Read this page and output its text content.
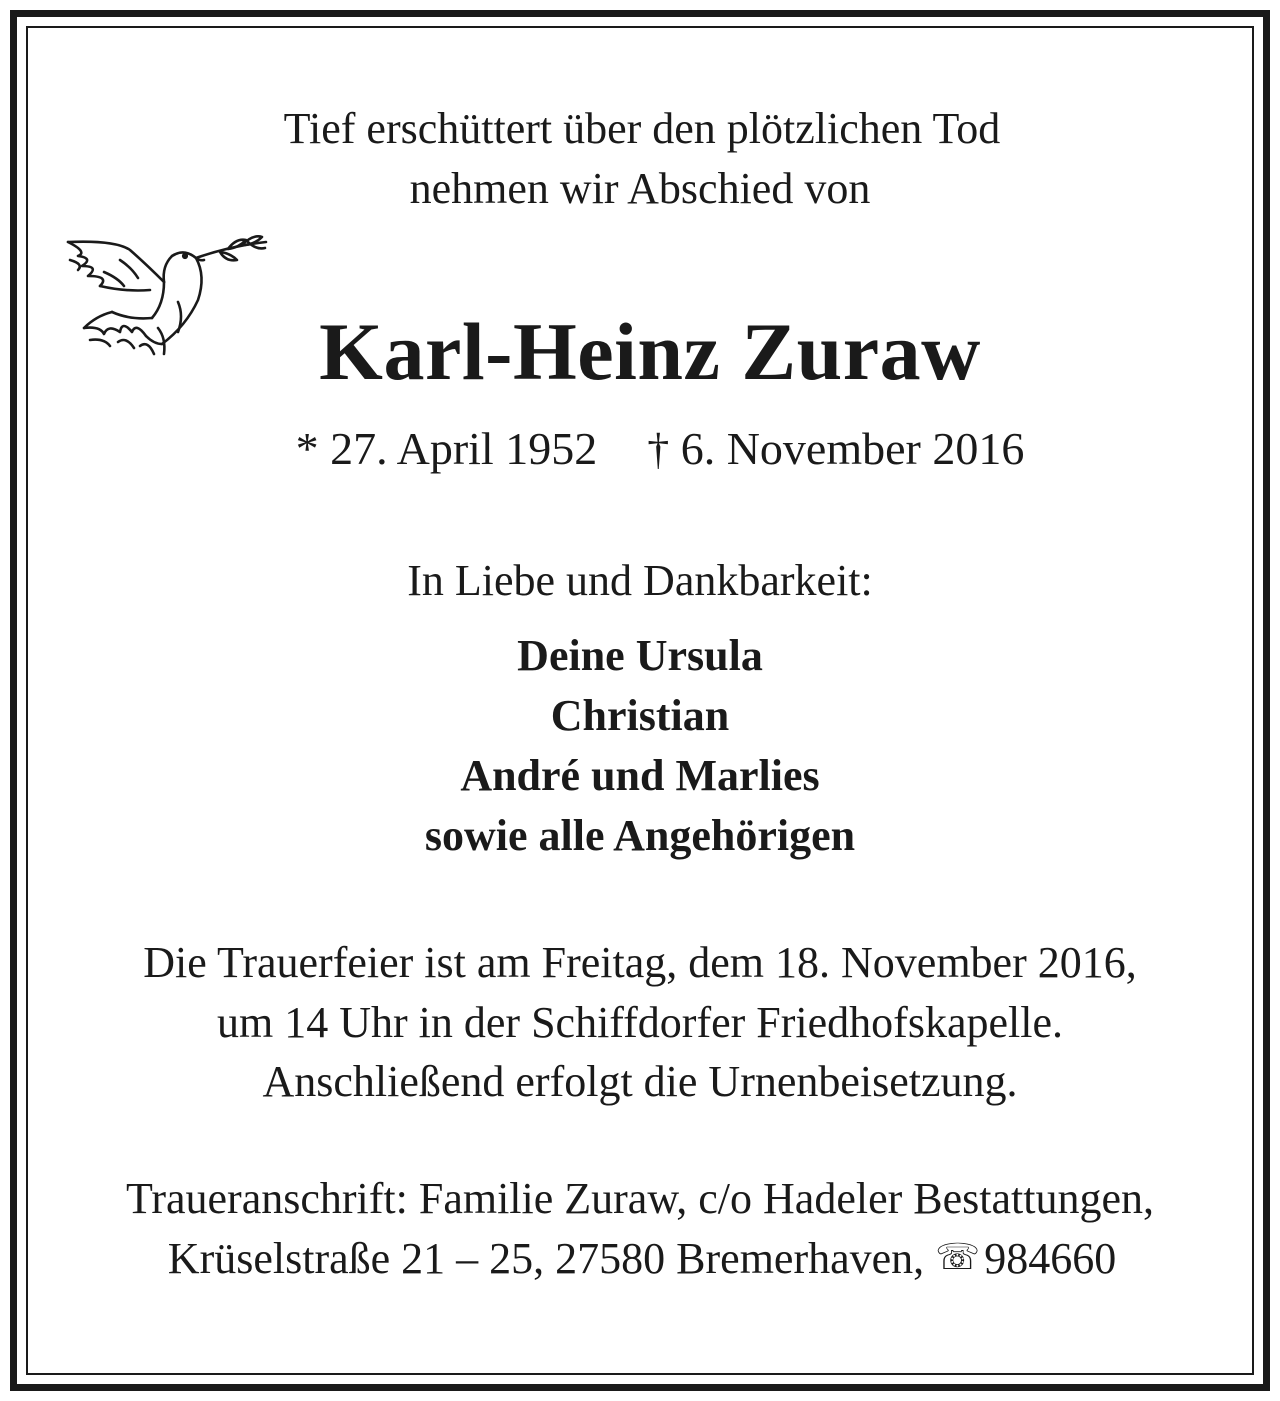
Tief erschüttert über den plötzlichen Tod
nehmen wir Abschied von
Karl-Heinz Zuraw
* 27. April 1952 † 6. November 2016
In Liebe und Dankbarkeit:
Deine Ursula
Christian
André und Marlies
sowie alle Angehörigen
Die Trauerfeier ist am Freitag, dem 18. November 2016,
um 14 Uhr in der Schiffdorfer Friedhofskapelle.
Anschließend erfolgt die Urnenbeisetzung.
Traueranschrift: Familie Zuraw, c/o Hadeler Bestattungen,
Krüselstraße 21 – 25, 27580 Bremerhaven, ☏984660
